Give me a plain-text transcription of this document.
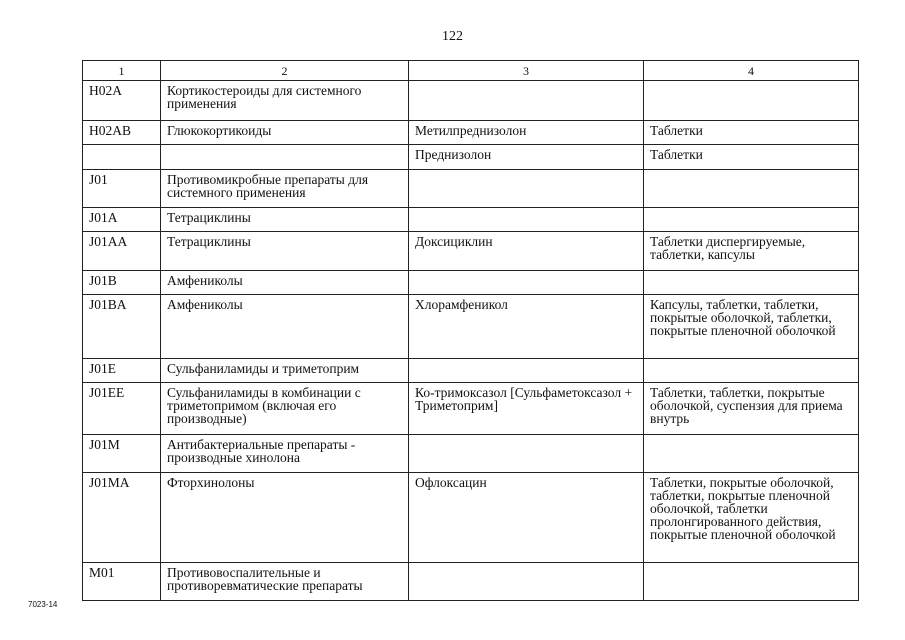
122
1	2	3	4
H02A	Кортикостероиды для системного применения		
H02AB	Глюкокортикоиды	Метилпреднизолон	Таблетки
		Преднизолон	Таблетки
J01	Противомикробные препараты для системного применения		
J01A	Тетрациклины		
J01AA	Тетрациклины	Доксициклин	Таблетки диспергируемые, таблетки, капсулы
J01B	Амфениколы		
J01BA	Амфениколы	Хлорамфеникол	Капсулы, таблетки, таблетки, покрытые оболочкой, таблетки, покрытые пленочной оболочкой
J01E	Сульфаниламиды и триметоприм		
J01EE	Сульфаниламиды в комбинации с триметопримом (включая его производные)	Ко-тримоксазол [Сульфаметоксазол + Триметоприм]	Таблетки, таблетки, покрытые оболочкой, суспензия для приема внутрь
J01M	Антибактериальные препараты - производные хинолона		
J01MA	Фторхинолоны	Офлоксацин	Таблетки, покрытые оболочкой, таблетки, покрытые пленочной оболочкой, таблетки пролонгированного действия, покрытые пленочной оболочкой
M01	Противовоспалительные и противоревматические препараты		
7023-14
